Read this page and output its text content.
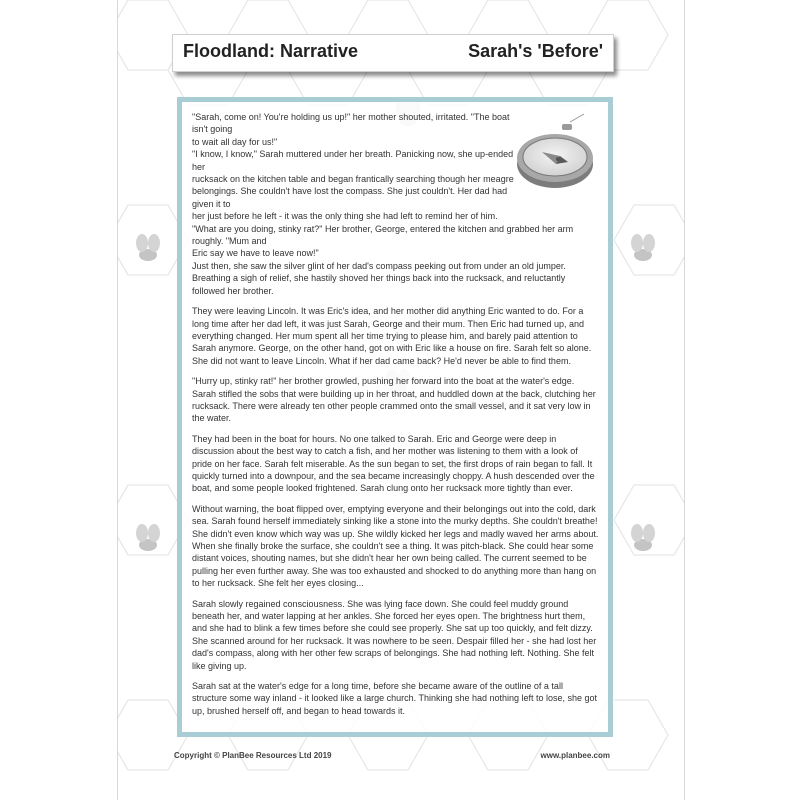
Floodland: Narrative	Sarah's 'Before'

"Sarah, come on! You're holding us up!" her mother shouted, irritated. "The boat isn't going
to wait all day for us!"
"I know, I know," Sarah muttered under her breath. Panicking now, she up-ended her
rucksack on the kitchen table and began frantically searching though her meagre
belongings. She couldn't have lost the compass. She just couldn't. Her dad had given it to
her just before he left - it was the only thing she had left to remind her of him.
"What are you doing, stinky rat?" Her brother, George, entered the kitchen and grabbed her arm roughly. "Mum and
Eric say we have to leave now!"
Just then, she saw the silver glint of her dad's compass peeking out from under an old jumper. Breathing a sigh of relief, she hastily shoved her things back into the rucksack, and reluctantly followed her brother.

They were leaving Lincoln. It was Eric's idea, and her mother did anything Eric wanted to do. For a long time after her dad left, it was just Sarah, George and their mum. Then Eric had turned up, and everything changed. Her mum spent all her time trying to please him, and barely paid attention to Sarah anymore. George, on the other hand, got on with Eric like a house on fire. Sarah felt so alone. She did not want to leave Lincoln. What if her dad came back? He'd never be able to find them.

"Hurry up, stinky rat!" her brother growled, pushing her forward into the boat at the water's edge. Sarah stifled the sobs that were building up in her throat, and huddled down at the back, clutching her rucksack. There were already ten other people crammed onto the small vessel, and it sat very low in the water.

They had been in the boat for hours. No one talked to Sarah. Eric and George were deep in discussion about the best way to catch a fish, and her mother was listening to them with a look of pride on her face. Sarah felt miserable. As the sun began to set, the first drops of rain began to fall. It quickly turned into a downpour, and the sea became increasingly choppy. A hush descended over the boat, and some people looked frightened. Sarah clung onto her rucksack more tightly than ever.

Without warning, the boat flipped over, emptying everyone and their belongings out into the cold, dark sea. Sarah found herself immediately sinking like a stone into the murky depths. She couldn't breathe! She didn't even know which way was up. She wildly kicked her legs and madly waved her arms about. When she finally broke the surface, she couldn't see a thing. It was pitch-black. She could hear some distant voices, shouting names, but she didn't hear her own being called. The current seemed to be pulling her even further away. She was too exhausted and shocked to do anything more than hang on to her rucksack. She felt her eyes closing...

Sarah slowly regained consciousness. She was lying face down. She could feel muddy ground beneath her, and water lapping at her ankles. She forced her eyes open. The brightness hurt them, and she had to blink a few times before she could see properly. She sat up too quickly, and felt dizzy. She scanned around for her rucksack. It was nowhere to be seen. Despair filled her - she had lost her dad's compass, along with her other few scraps of belongings. She had nothing left. Nothing. She felt like giving up.

Sarah sat at the water's edge for a long time, before she became aware of the outline of a tall structure some way inland - it looked like a large church. Thinking she had nothing left to lose, she got up, brushed herself off, and began to head towards it.

Copyright © PlanBee Resources Ltd 2019	www.planbee.com
